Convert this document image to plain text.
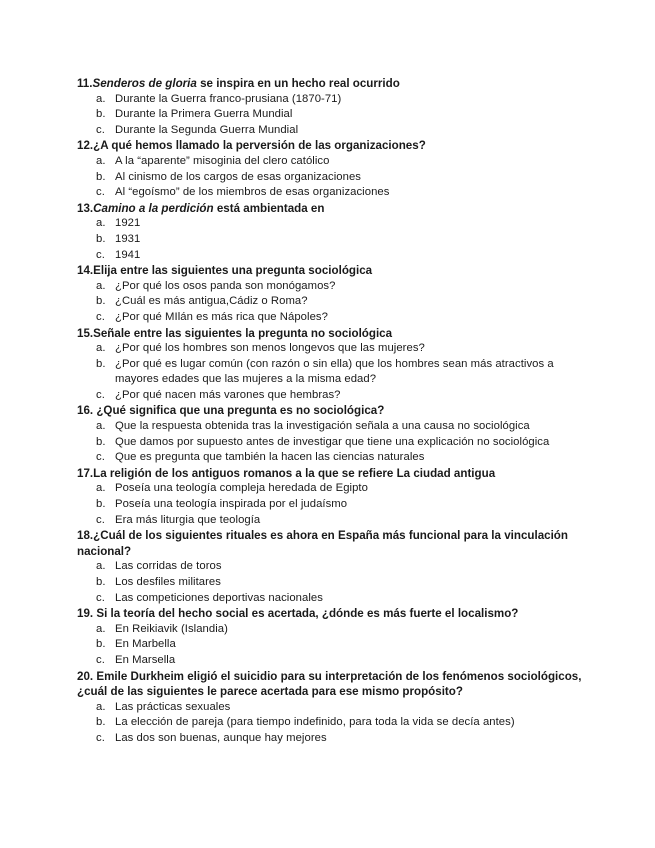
11.Senderos de gloria se inspira en un hecho real ocurrido

a. Durante la Guerra franco-prusiana (1870-71)
b. Durante la Primera Guerra Mundial
c. Durante la Segunda Guerra Mundial

12.¿A qué hemos llamado la perversión de las organizaciones?

a. A la “aparente” misoginia del clero católico
b. Al cinismo de los cargos de esas organizaciones
c. Al “egoísmo” de los miembros de esas organizaciones

13.Camino a la perdición está ambientada en

a. 1921
b. 1931
c. 1941

14.Elija entre las siguientes una pregunta sociológica

a. ¿Por qué los osos panda son monógamos?
b. ¿Cuál es más antigua,Cádiz o Roma?
c. ¿Por qué MIlán es más rica que Nápoles?

15.Señale entre las siguientes la pregunta no sociológica

a. ¿Por qué los hombres son menos longevos que las mujeres?
b. ¿Por qué es lugar común (con razón o sin ella) que los hombres sean más atractivos a mayores edades que las mujeres a la misma edad?
c. ¿Por qué nacen más varones que hembras?

16. ¿Qué significa que una pregunta es no sociológica?

a. Que la respuesta obtenida tras la investigación señala a una causa no sociológica
b. Que damos por supuesto antes de investigar que tiene una explicación no sociológica
c. Que es pregunta que también la hacen las ciencias naturales

17.La religión de los antiguos romanos a la que se refiere La ciudad antigua

a. Poseía una teología compleja heredada de Egipto
b. Poseía una teología inspirada por el judaísmo
c. Era más liturgia que teología

18.¿Cuál de los siguientes rituales es ahora en España más funcional para la vinculación nacional?

a. Las corridas de toros
b. Los desfiles militares
c. Las competiciones deportivas nacionales

19. Si la teoría del hecho social es acertada, ¿dónde es más fuerte el localismo?

a. En Reikiavik (Islandia)
b. En Marbella
c. En Marsella

20. Emile Durkheim eligió el suicidio para su interpretación de los fenómenos sociológicos, ¿cuál de las siguientes le parece acertada para ese mismo propósito?

a. Las prácticas sexuales
b. La elección de pareja (para tiempo indefinido, para toda la vida se decía antes)
c. Las dos son buenas, aunque hay mejores
